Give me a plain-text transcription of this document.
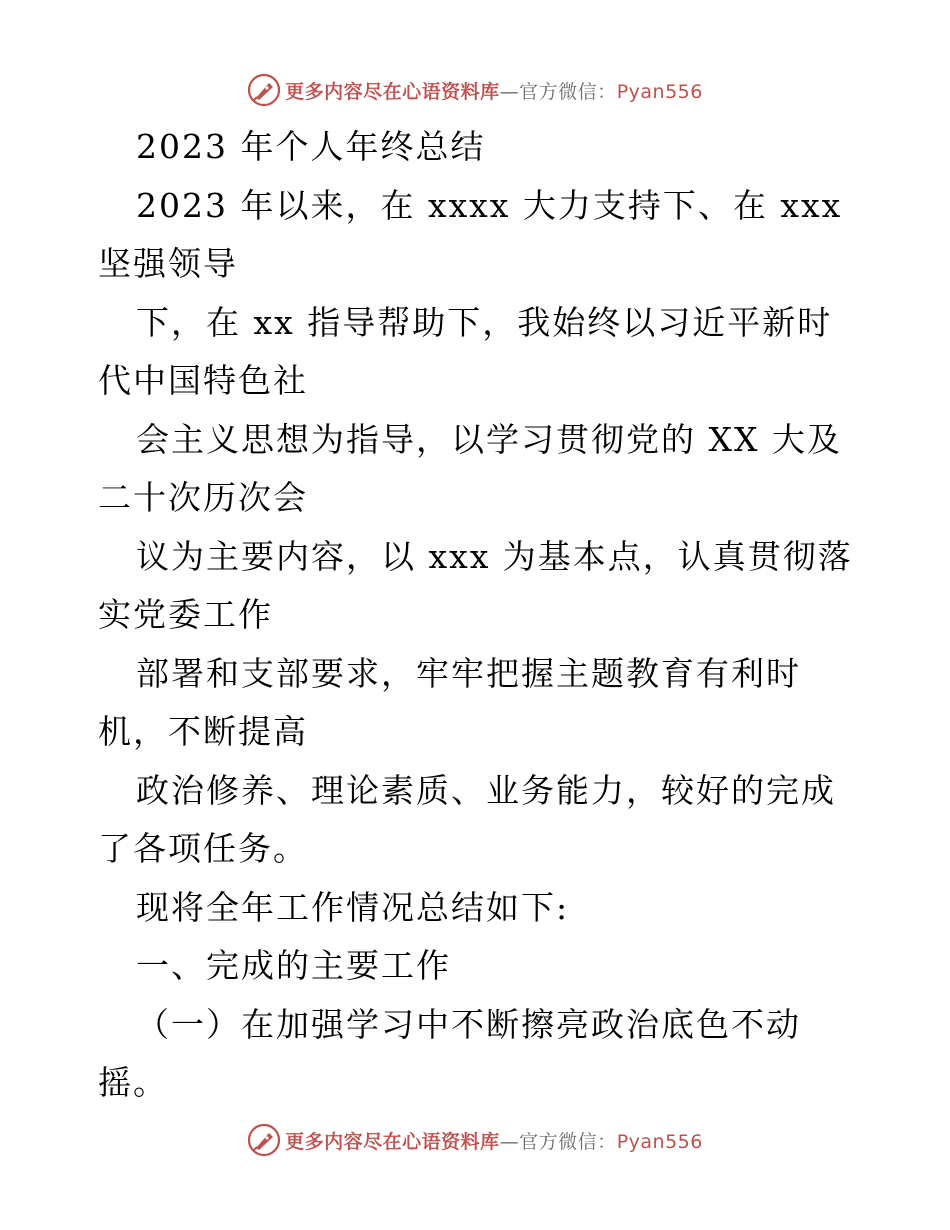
更多内容尽在心语资料库—官方微信：Pyan556

2023 年个人年终总结

2023 年以来，在 xxxx 大力支持下、在 xxx 坚强领导

下，在 xx 指导帮助下，我始终以习近平新时代中国特色社

会主义思想为指导，以学习贯彻党的 XX 大及二十次历次会

议为主要内容，以 xxx 为基本点，认真贯彻落实党委工作

部署和支部要求，牢牢把握主题教育有利时机，不断提高

政治修养、理论素质、业务能力，较好的完成了各项任务。

现将全年工作情况总结如下:

一、完成的主要工作

（一）在加强学习中不断擦亮政治底色不动摇。

更多内容尽在心语资料库—官方微信：Pyan556
